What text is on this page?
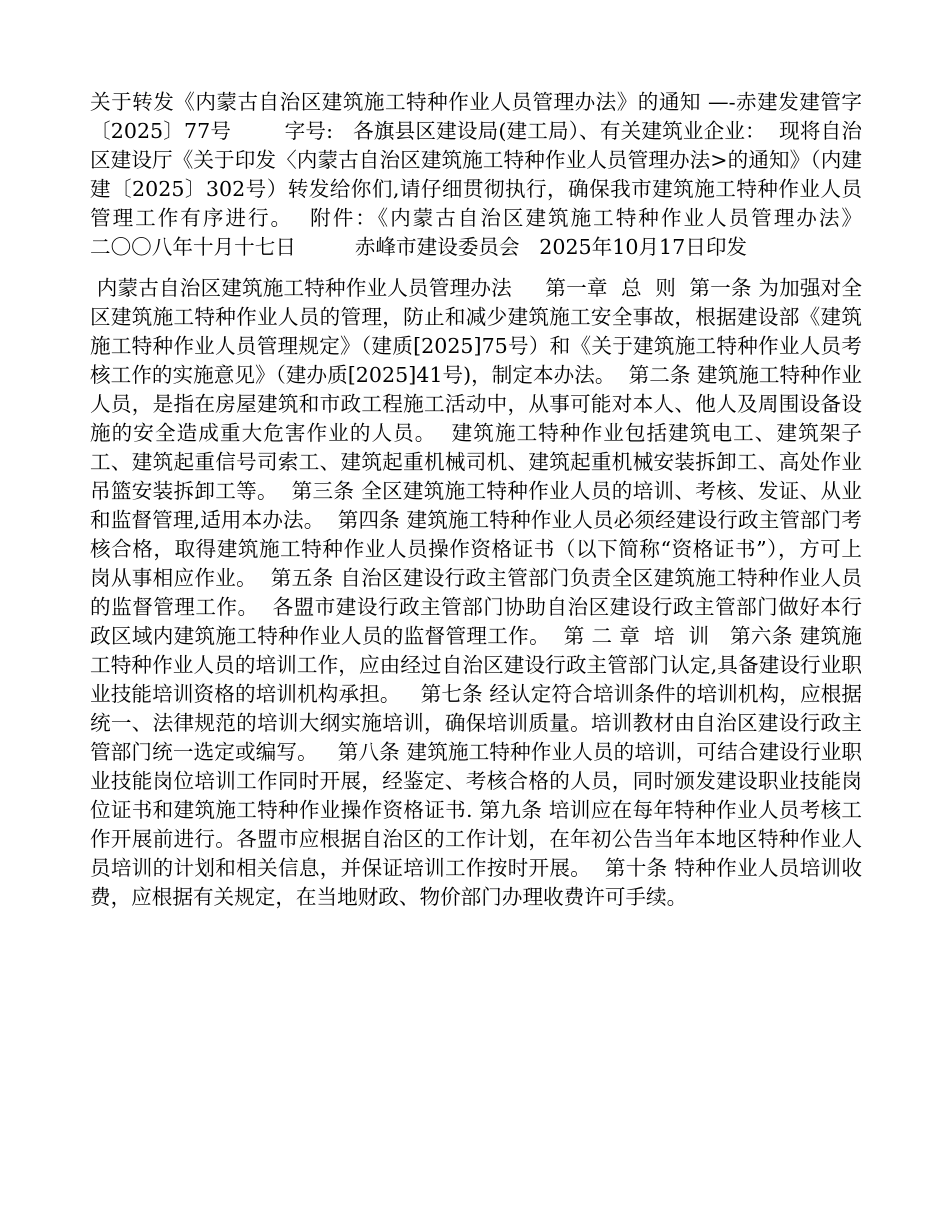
关于转发《内蒙古自治区建筑施工特种作业人员管理办法》的通知 —-赤建发建管字〔2025〕77号        字号:   各旗县区建设局(建工局）、有关建筑业企业：  现将自治区建设厅《关于印发〈内蒙古自治区建筑施工特种作业人员管理办法>的通知》（内建建〔2025〕302号）转发给你们,请仔细贯彻执行，确保我市建筑施工特种作业人员管理工作有序进行。  附件：《内蒙古自治区建筑施工特种作业人员管理办法》             二〇〇八年十月十七日         赤峰市建设委员会   2025年10月17日印发

内蒙古自治区建筑施工特种作业人员管理办法     第一章  总  则  第一条 为加强对全区建筑施工特种作业人员的管理，防止和减少建筑施工安全事故，根据建设部《建筑施工特种作业人员管理规定》（建质[2025]75号）和《关于建筑施工特种作业人员考核工作的实施意见》（建办质[2025]41号)，制定本办法。  第二条 建筑施工特种作业人员，是指在房屋建筑和市政工程施工活动中，从事可能对本人、他人及周围设备设施的安全造成重大危害作业的人员。  建筑施工特种作业包括建筑电工、建筑架子工、建筑起重信号司索工、建筑起重机械司机、建筑起重机械安装拆卸工、高处作业吊篮安装拆卸工等。  第三条 全区建筑施工特种作业人员的培训、考核、发证、从业和监督管理,适用本办法。  第四条 建筑施工特种作业人员必须经建设行政主管部门考核合格，取得建筑施工特种作业人员操作资格证书（以下简称“资格证书”），方可上岗从事相应作业。  第五条 自治区建设行政主管部门负责全区建筑施工特种作业人员的监督管理工作。  各盟市建设行政主管部门协助自治区建设行政主管部门做好本行政区域内建筑施工特种作业人员的监督管理工作。  第 二 章  培  训   第六条 建筑施工特种作业人员的培训工作，应由经过自治区建设行政主管部门认定,具备建设行业职业技能培训资格的培训机构承担。   第七条 经认定符合培训条件的培训机构，应根据统一、法律规范的培训大纲实施培训，确保培训质量。培训教材由自治区建设行政主管部门统一选定或编写。   第八条 建筑施工特种作业人员的培训，可结合建设行业职业技能岗位培训工作同时开展，经鉴定、考核合格的人员，同时颁发建设职业技能岗位证书和建筑施工特种作业操作资格证书. 第九条 培训应在每年特种作业人员考核工作开展前进行。各盟市应根据自治区的工作计划，在年初公告当年本地区特种作业人员培训的计划和相关信息，并保证培训工作按时开展。  第十条 特种作业人员培训收费，应根据有关规定，在当地财政、物价部门办理收费许可手续。
